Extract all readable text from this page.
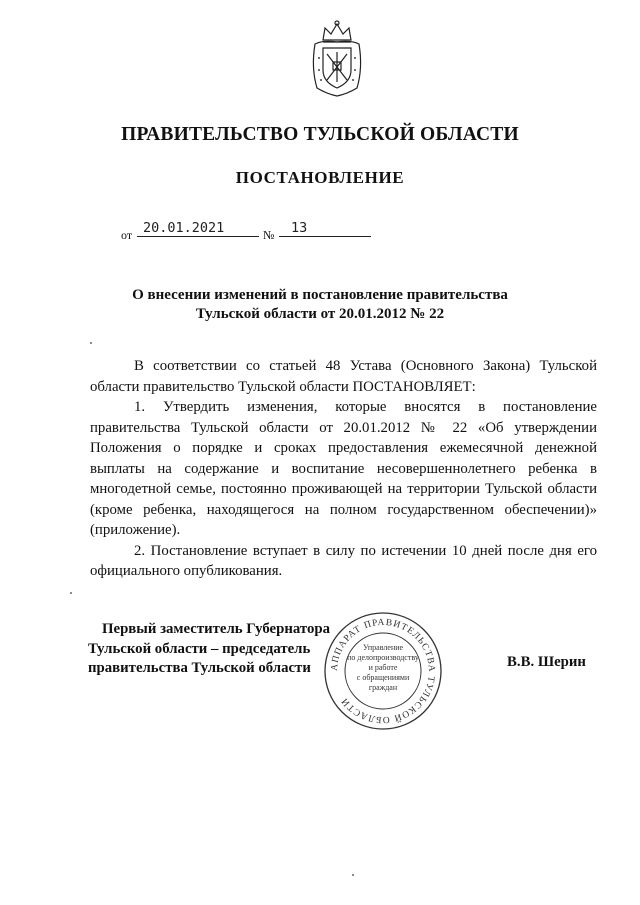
ПРАВИТЕЛЬСТВО ТУЛЬСКОЙ ОБЛАСТИ
ПОСТАНОВЛЕНИЕ
от 20.01.2021	№ 13
О внесении изменений в постановление правительства
Тульской области от 20.01.2012 № 22

В соответствии со статьей 48 Устава (Основного Закона) Тульской области правительство Тульской области ПОСТАНОВЛЯЕТ:

1. Утвердить изменения, которые вносятся в постановление правительства Тульской области от 20.01.2012 № 22 «Об утверждении Положения о порядке и сроках предоставления ежемесячной денежной выплаты на содержание и воспитание несовершеннолетнего ребенка в многодетной семье, постоянно проживающей на территории Тульской области (кроме ребенка, находящегося на полном государственном обеспечении)» (приложение).

2. Постановление вступает в силу по истечении 10 дней после дня его официального опубликования.

АППАРАТ ПРАВИТЕЛЬСТВА ТУЛЬСКОЙ ОБЛАСТИ
Управление
по делопроизводству
и работе
с обращениями
граждан
Первый заместитель Губернатора
Тульской области – председатель
правительства Тульской области	В.В. Шерин
